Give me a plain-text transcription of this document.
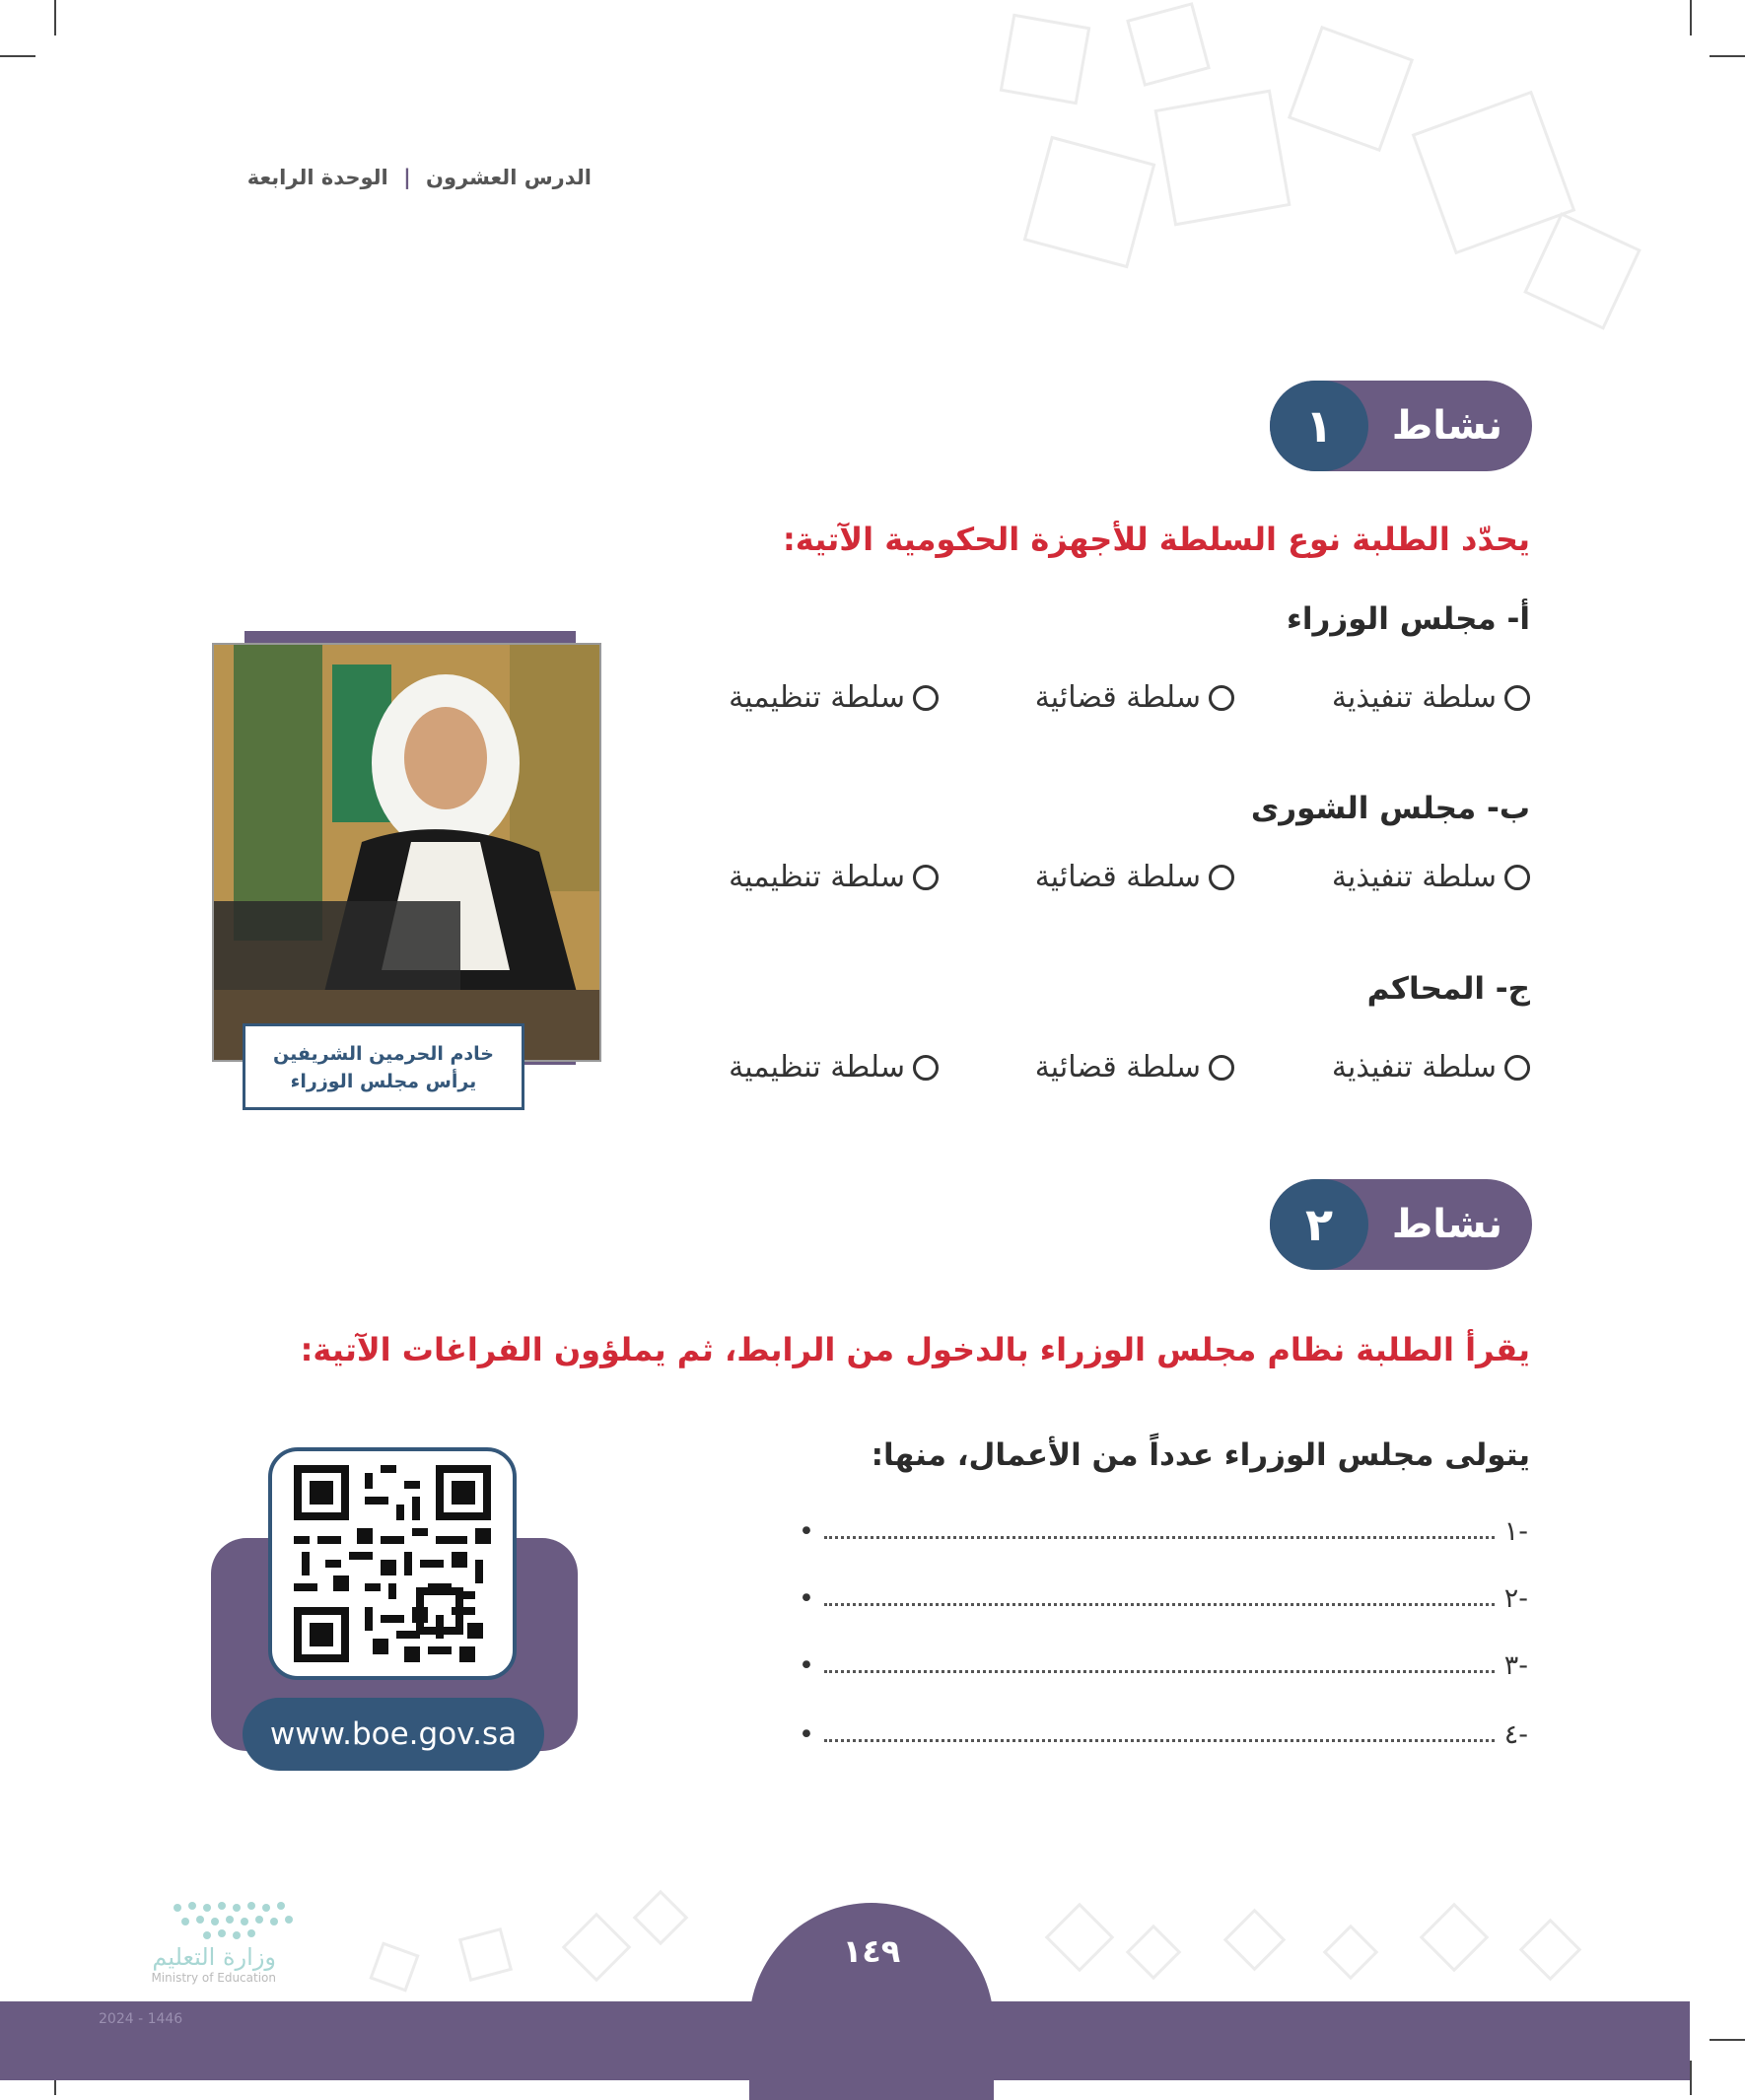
الوحدة الرابعة | الدرس العشرون
١	نشاط
يحدّد الطلبة نوع السلطة للأجهزة الحكومية الآتية:
أ- مجلس الوزراء
سلطة تنفيذية
سلطة قضائية
سلطة تنظيمية
ب- مجلس الشورى
سلطة تنفيذية
سلطة قضائية
سلطة تنظيمية
ج- المحاكم
سلطة تنفيذية
سلطة قضائية
سلطة تنظيمية
خادم الحرمين الشريفين
يرأس مجلس الوزراء
٢	نشاط
يقرأ الطلبة نظام مجلس الوزراء بالدخول من الرابط، ثم يملؤون الفراغات الآتية:
يتولى مجلس الوزراء عدداً من الأعمال، منها:
١-
•
٢-
•
٣-
•
٤-
•
www.boe.gov.sa
١٤٩
وزارة التعليم
Ministry of Education
2024 - 1446
